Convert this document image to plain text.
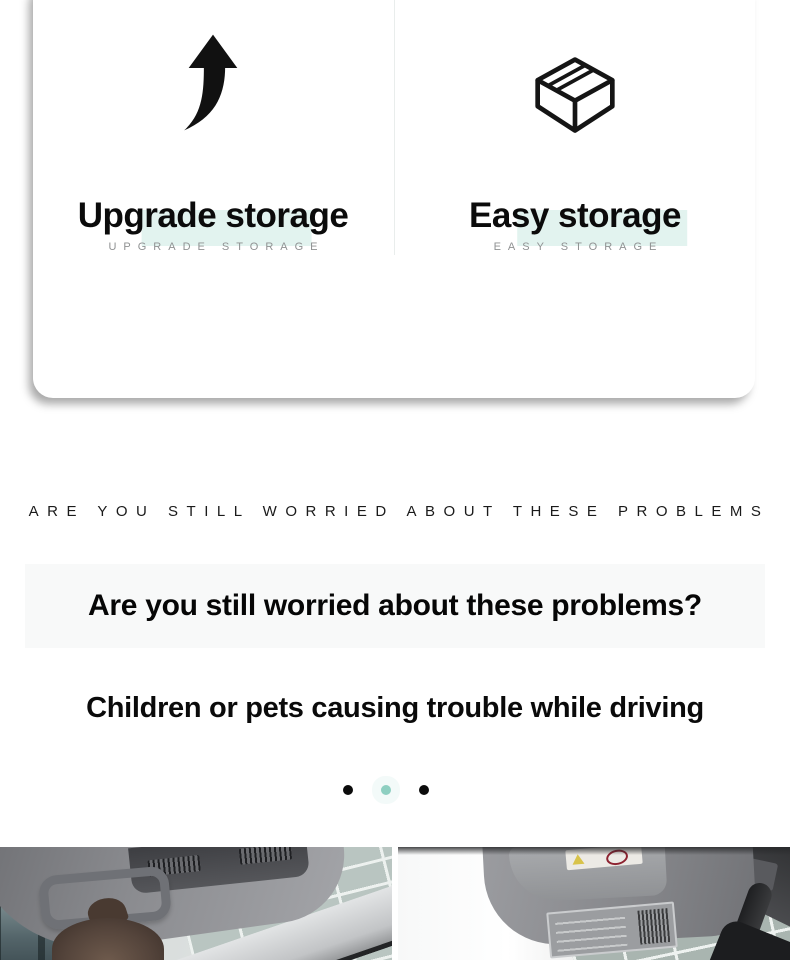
Upgrade storage
UPGRADE STORAGE
Easy storage
EASY STORAGE
ARE YOU STILL WORRIED ABOUT THESE PROBLEMS
Are you still worried about these problems?
Children or pets causing trouble while driving
